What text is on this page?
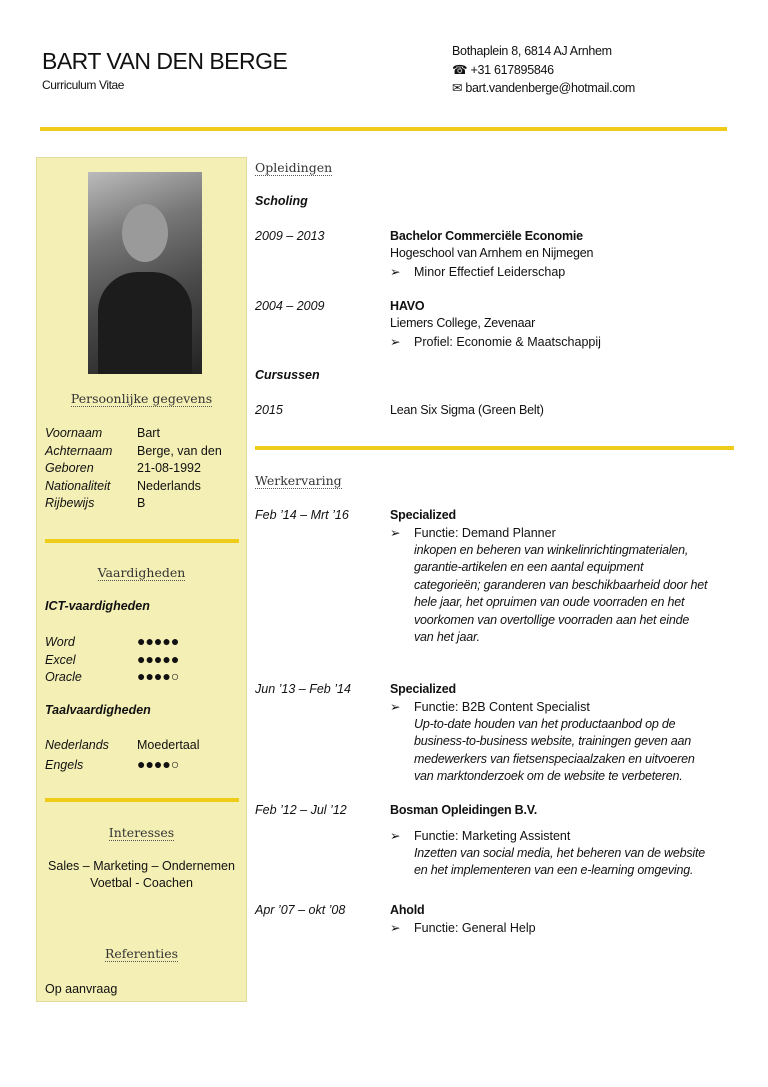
BART VAN DEN BERGE
Curriculum Vitae
Bothaplein 8, 6814 AJ Arnhem
☎ +31 617895846
✉ bart.vandenberge@hotmail.com
Persoonlijke gegevens
Voornaam	Bart
Achternaam Berge, van den
Geboren	21-08-1992
Nationaliteit Nederlands
Rijbewijs	B
Vaardigheden
ICT-vaardigheden
Word	●●●●●
Excel	●●●●●
Oracle	●●●●○
Taalvaardigheden
Nederlands Moedertaal
Engels	●●●●○
Interesses
Sales – Marketing – Ondernemen
Voetbal - Coachen
Referenties
Op aanvraag
Opleidingen
Scholing
2009 – 2013	Bachelor Commerciële Economie
Hogeschool van Arnhem en Nijmegen
➢ Minor Effectief Leiderschap
2004 – 2009	HAVO
Liemers College, Zevenaar
➢ Profiel: Economie & Maatschappij
Cursussen
2015	Lean Six Sigma (Green Belt)
Werkervaring
Feb ’14 – Mrt ’16	Specialized
➢ Functie: Demand Planner
inkopen en beheren van winkelinrichtingmaterialen,
garantie-artikelen en een aantal equipment
categorieën; garanderen van beschikbaarheid door het
hele jaar, het opruimen van oude voorraden en het
voorkomen van overtollige voorraden aan het einde
van het jaar.
Jun ’13 – Feb ’14	Specialized
➢ Functie: B2B Content Specialist
Up-to-date houden van het productaanbod op de
business-to-business website, trainingen geven aan
medewerkers van fietsenspeciaalzaken en uitvoeren
van marktonderzoek om de website te verbeteren.
Feb ’12 – Jul ’12	Bosman Opleidingen B.V.
➢ Functie: Marketing Assistent
Inzetten van social media, het beheren van de website
en het implementeren van een e-learning omgeving.
Apr ’07 – okt ’08	Ahold
➢ Functie: General Help
